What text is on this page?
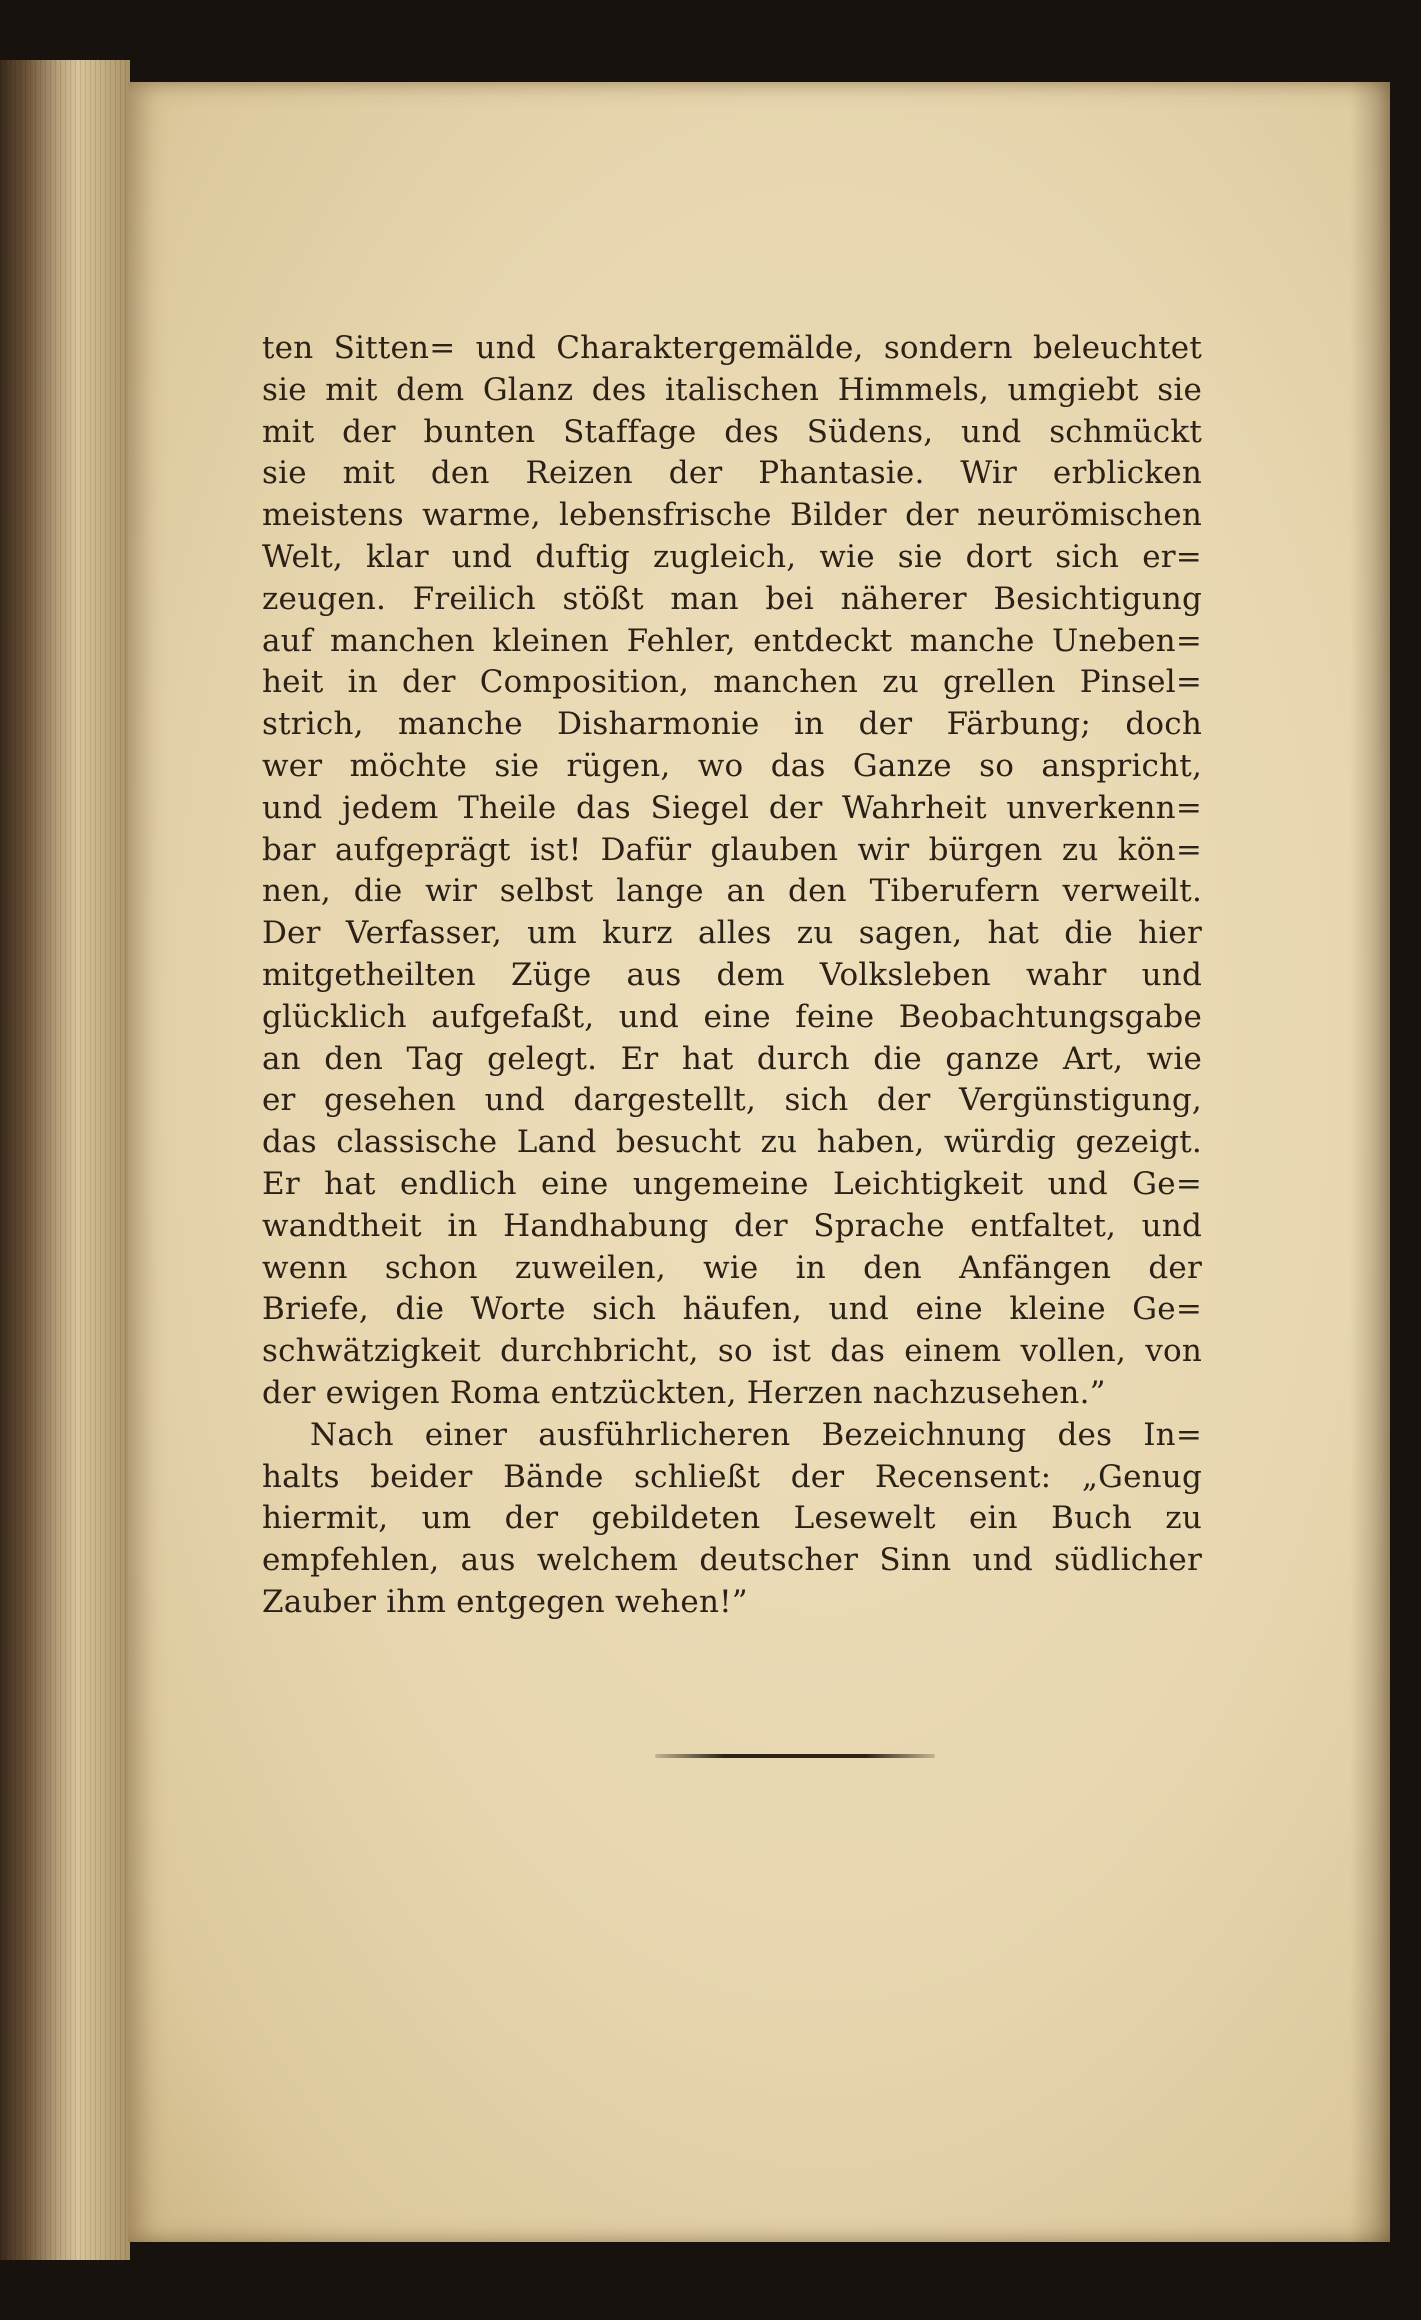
ten Sitten= und Charaktergemälde, sondern beleuchtet
sie mit dem Glanz des italischen Himmels, umgiebt sie
mit der bunten Staffage des Südens, und schmückt
sie mit den Reizen der Phantasie. Wir erblicken
meistens warme, lebensfrische Bilder der neurömischen
Welt, klar und duftig zugleich, wie sie dort sich er=
zeugen. Freilich stößt man bei näherer Besichtigung
auf manchen kleinen Fehler, entdeckt manche Uneben=
heit in der Composition, manchen zu grellen Pinsel=
strich, manche Disharmonie in der Färbung; doch
wer möchte sie rügen, wo das Ganze so anspricht,
und jedem Theile das Siegel der Wahrheit unverkenn=
bar aufgeprägt ist! Dafür glauben wir bürgen zu kön=
nen, die wir selbst lange an den Tiberufern verweilt.
Der Verfasser, um kurz alles zu sagen, hat die hier
mitgetheilten Züge aus dem Volksleben wahr und
glücklich aufgefaßt, und eine feine Beobachtungsgabe
an den Tag gelegt. Er hat durch die ganze Art, wie
er gesehen und dargestellt, sich der Vergünstigung,
das classische Land besucht zu haben, würdig gezeigt.
Er hat endlich eine ungemeine Leichtigkeit und Ge=
wandtheit in Handhabung der Sprache entfaltet, und
wenn schon zuweilen, wie in den Anfängen der
Briefe, die Worte sich häufen, und eine kleine Ge=
schwätzigkeit durchbricht, so ist das einem vollen, von
der ewigen Roma entzückten, Herzen nachzusehen.”
Nach einer ausführlicheren Bezeichnung des In=
halts beider Bände schließt der Recensent: „Genug
hiermit, um der gebildeten Lesewelt ein Buch zu
empfehlen, aus welchem deutscher Sinn und südlicher
Zauber ihm entgegen wehen!”
